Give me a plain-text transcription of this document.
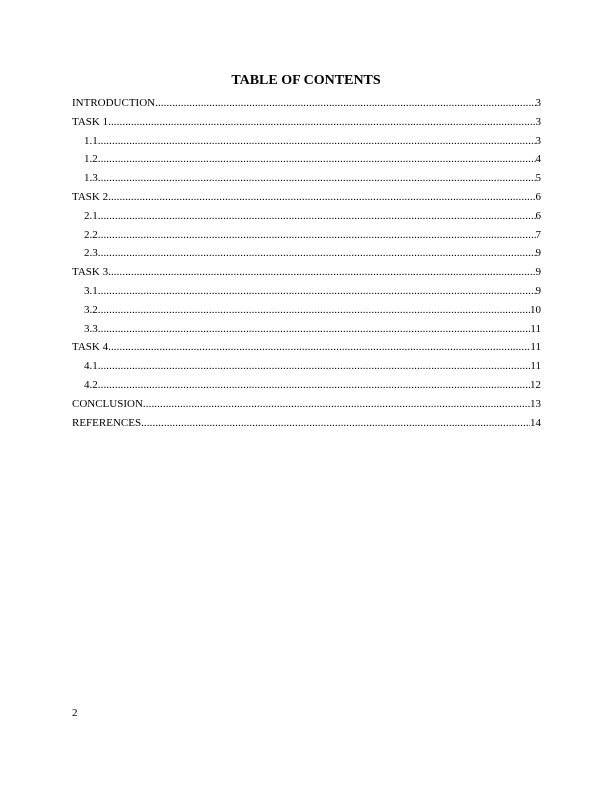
TABLE OF CONTENTS
INTRODUCTION .....	3
TASK 1 .....	3
1.1 .....	3
1.2 .....	4
1.3 .....	5
TASK 2 .....	6
2.1 .....	6
2.2 .....	7
2.3 .....	9
TASK 3 .....	9
3.1 .....	9
3.2 .....	10
3.3 .....	11
TASK 4 .....	11
4.1 .....	11
4.2 .....	12
CONCLUSION .....	13
REFERENCES .....	14
2
